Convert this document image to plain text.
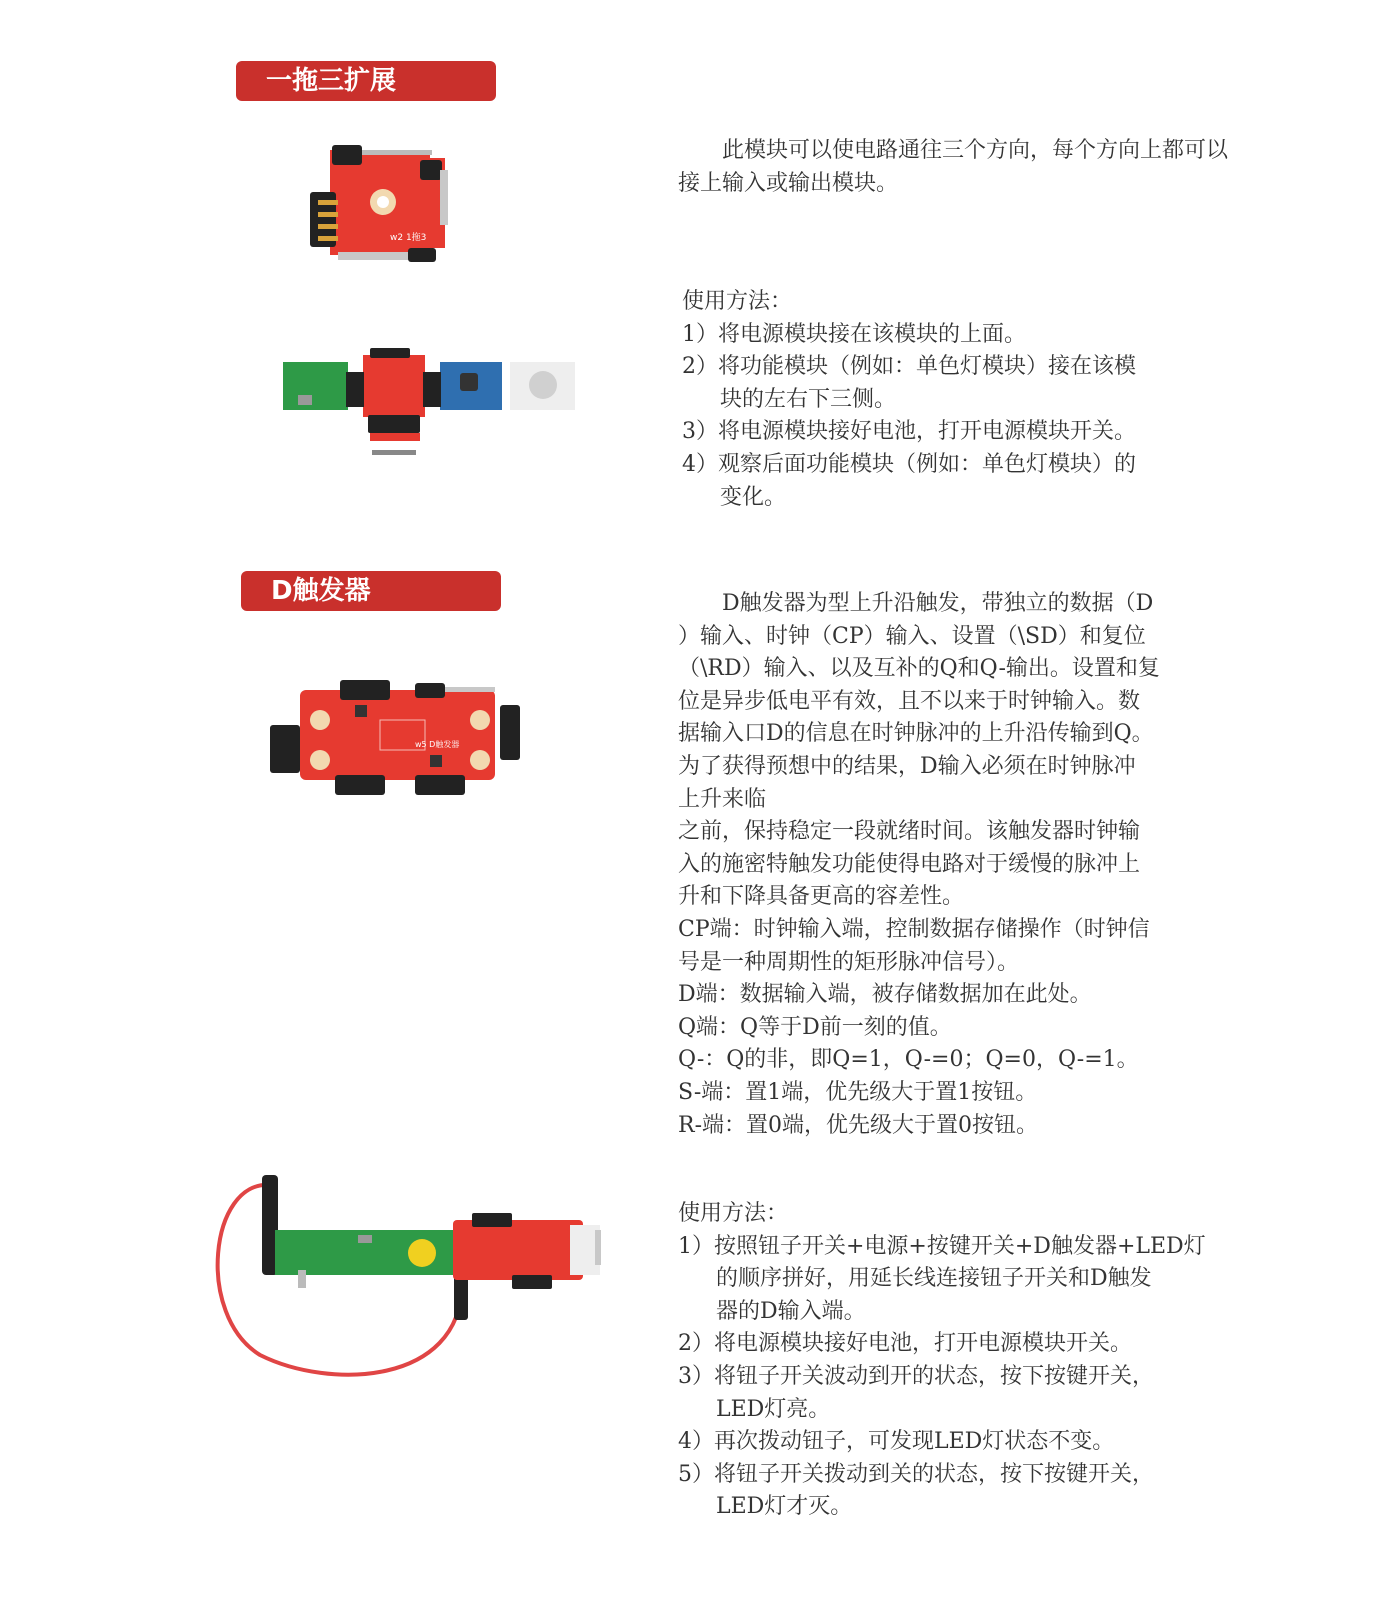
一拖三扩展
w2 1拖3
　　此模块可以使电路通往三个方向，每个方向上都可以接上输入或输出模块。

使用方法：

1）将电源模块接在该模块的上面。

2）将功能模块（例如：单色灯模块）接在该模

块的左右下三侧。

3）将电源模块接好电池，打开电源模块开关。

4）观察后面功能模块（例如：单色灯模块）的

变化。

D触发器
w5 D触发器

　　D触发器为型上升沿触发，带独立的数据（D

）输入、时钟（CP）输入、设置（\SD）和复位

（\RD）输入、以及互补的Q和Q-输出。设置和复

位是异步低电平有效，且不以来于时钟输入。数

据输入口D的信息在时钟脉冲的上升沿传输到Q。

为了获得预想中的结果，D输入必须在时钟脉冲

上升来临

之前，保持稳定一段就绪时间。该触发器时钟输

入的施密特触发功能使得电路对于缓慢的脉冲上

升和下降具备更高的容差性。

CP端：时钟输入端，控制数据存储操作（时钟信

号是一种周期性的矩形脉冲信号）。

D端：数据输入端，被存储数据加在此处。

Q端：Q等于D前一刻的值。

Q-：Q的非，即Q=1，Q-=0；Q=0，Q-=1。

S-端：置1端，优先级大于置1按钮。

R-端：置0端，优先级大于置0按钮。

使用方法：

1）按照钮子开关+电源+按键开关+D触发器+LED灯

的顺序拼好，用延长线连接钮子开关和D触发

器的D输入端。

2）将电源模块接好电池，打开电源模块开关。

3）将钮子开关波动到开的状态，按下按键开关，

LED灯亮。

4）再次拨动钮子，可发现LED灯状态不变。

5）将钮子开关拨动到关的状态，按下按键开关，

LED灯才灭。
